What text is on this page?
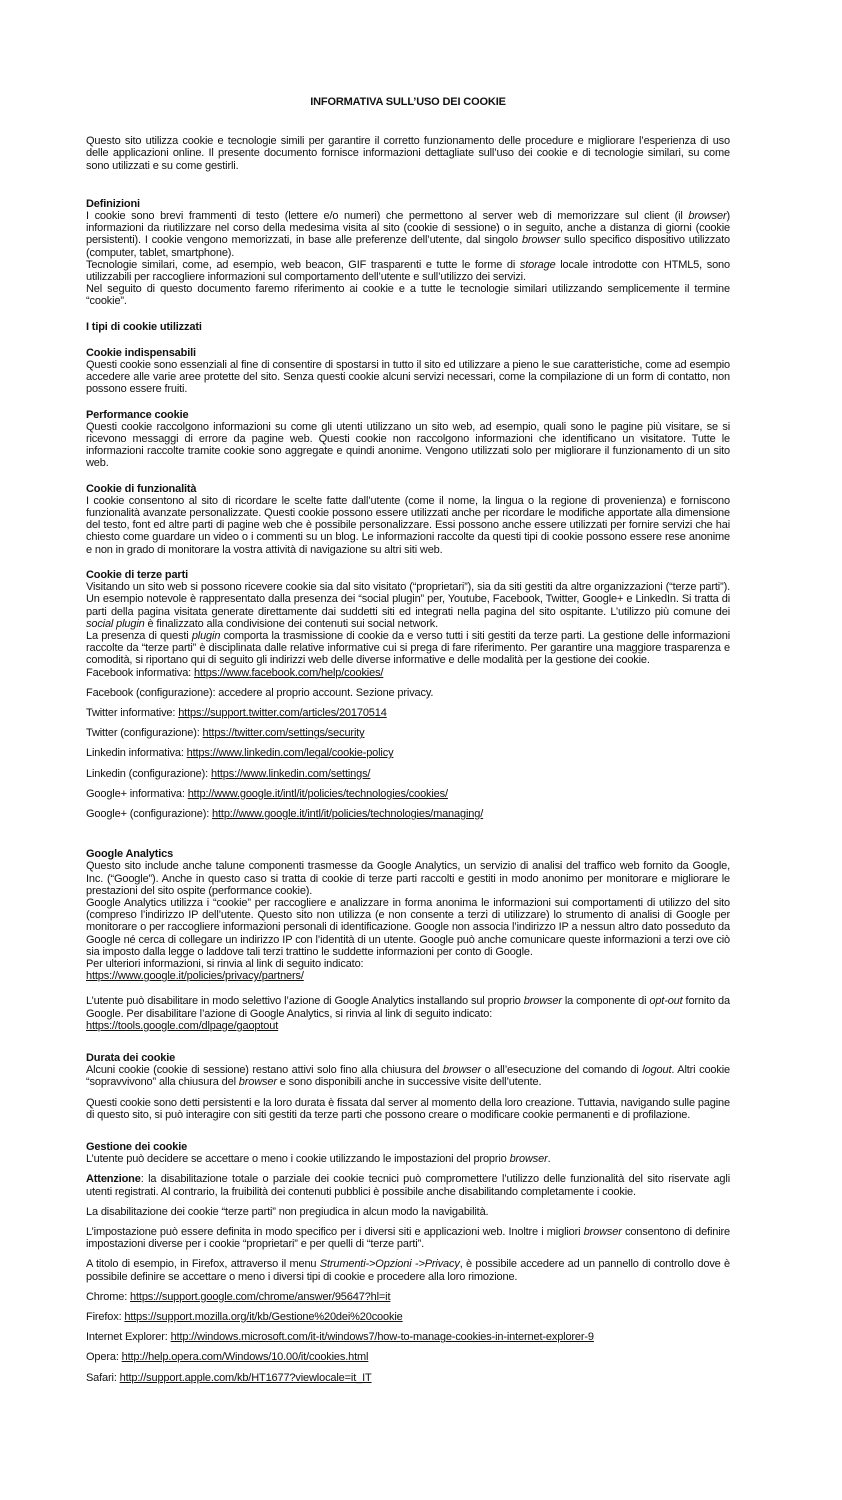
INFORMATIVA SULL’USO DEI COOKIE

Questo sito utilizza cookie e tecnologie simili per garantire il corretto funzionamento delle procedure e migliorare l’esperienza di uso delle applicazioni online. Il presente documento fornisce informazioni dettagliate sull’uso dei cookie e di tecnologie similari, su come sono utilizzati e su come gestirli.

Definizioni

I cookie sono brevi frammenti di testo (lettere e/o numeri) che permettono al server web di memorizzare sul client (il browser) informazioni da riutilizzare nel corso della medesima visita al sito (cookie di sessione) o in seguito, anche a distanza di giorni (cookie persistenti). I cookie vengono memorizzati, in base alle preferenze dell’utente, dal singolo browser sullo specifico dispositivo utilizzato (computer, tablet, smartphone).

Tecnologie similari, come, ad esempio, web beacon, GIF trasparenti e tutte le forme di storage locale introdotte con HTML5, sono utilizzabili per raccogliere informazioni sul comportamento dell’utente e sull’utilizzo dei servizi.

Nel seguito di questo documento faremo riferimento ai cookie e a tutte le tecnologie similari utilizzando semplicemente il termine “cookie”.

I tipi di cookie utilizzati
Cookie indispensabili

Questi cookie sono essenziali al fine di consentire di spostarsi in tutto il sito ed utilizzare a pieno le sue caratteristiche, come ad esempio accedere alle varie aree protette del sito. Senza questi cookie alcuni servizi necessari, come la compilazione di un form di contatto, non possono essere fruiti.

Performance cookie

Questi cookie raccolgono informazioni su come gli utenti utilizzano un sito web, ad esempio, quali sono le pagine più visitare, se si ricevono messaggi di errore da pagine web. Questi cookie non raccolgono informazioni che identificano un visitatore. Tutte le informazioni raccolte tramite cookie sono aggregate e quindi anonime. Vengono utilizzati solo per migliorare il funzionamento di un sito web.

Cookie di funzionalità

I cookie consentono al sito di ricordare le scelte fatte dall’utente (come il nome, la lingua o la regione di provenienza) e forniscono funzionalità avanzate personalizzate. Questi cookie possono essere utilizzati anche per ricordare le modifiche apportate alla dimensione del testo, font ed altre parti di pagine web che è possibile personalizzare. Essi possono anche essere utilizzati per fornire servizi che hai chiesto come guardare un video o i commenti su un blog. Le informazioni raccolte da questi tipi di cookie possono essere rese anonime e non in grado di monitorare la vostra attività di navigazione su altri siti web.

Cookie di terze parti

Visitando un sito web si possono ricevere cookie sia dal sito visitato (“proprietari”), sia da siti gestiti da altre organizzazioni (“terze parti”). Un esempio notevole è rappresentato dalla presenza dei “social plugin” per, Youtube, Facebook, Twitter, Google+ e LinkedIn. Si tratta di parti della pagina visitata generate direttamente dai suddetti siti ed integrati nella pagina del sito ospitante. L’utilizzo più comune dei social plugin è finalizzato alla condivisione dei contenuti sui social network.

La presenza di questi plugin comporta la trasmissione di cookie da e verso tutti i siti gestiti da terze parti. La gestione delle informazioni raccolte da “terze parti” è disciplinata dalle relative informative cui si prega di fare riferimento. Per garantire una maggiore trasparenza e comodità, si riportano qui di seguito gli indirizzi web delle diverse informative e delle modalità per la gestione dei cookie.

Facebook informativa: https://www.facebook.com/help/cookies/
Facebook (configurazione): accedere al proprio account. Sezione privacy.
Twitter informative: https://support.twitter.com/articles/20170514
Twitter (configurazione): https://twitter.com/settings/security
Linkedin informativa: https://www.linkedin.com/legal/cookie-policy
Linkedin (configurazione): https://www.linkedin.com/settings/
Google+ informativa: http://www.google.it/intl/it/policies/technologies/cookies/
Google+ (configurazione): http://www.google.it/intl/it/policies/technologies/managing/
Google Analytics

Questo sito include anche talune componenti trasmesse da Google Analytics, un servizio di analisi del traffico web fornito da Google, Inc. (“Google”). Anche in questo caso si tratta di cookie di terze parti raccolti e gestiti in modo anonimo per monitorare e migliorare le prestazioni del sito ospite (performance cookie).

Google Analytics utilizza i “cookie” per raccogliere e analizzare in forma anonima le informazioni sui comportamenti di utilizzo del sito (compreso l’indirizzo IP dell’utente. Questo sito non utilizza (e non consente a terzi di utilizzare) lo strumento di analisi di Google per monitorare o per raccogliere informazioni personali di identificazione. Google non associa l’indirizzo IP a nessun altro dato posseduto da Google né cerca di collegare un indirizzo IP con l’identità di un utente. Google può anche comunicare queste informazioni a terzi ove ciò sia imposto dalla legge o laddove tali terzi trattino le suddette informazioni per conto di Google.

Per ulteriori informazioni, si rinvia al link di seguito indicato:

https://www.google.it/policies/privacy/partners/

L’utente può disabilitare in modo selettivo l’azione di Google Analytics installando sul proprio browser la componente di opt-out fornito da Google. Per disabilitare l’azione di Google Analytics, si rinvia al link di seguito indicato:

https://tools.google.com/dlpage/gaoptout
Durata dei cookie

Alcuni cookie (cookie di sessione) restano attivi solo fino alla chiusura del browser o all’esecuzione del comando di logout. Altri cookie “sopravvivono” alla chiusura del browser e sono disponibili anche in successive visite dell’utente.

Questi cookie sono detti persistenti e la loro durata è fissata dal server al momento della loro creazione. Tuttavia, navigando sulle pagine di questo sito, si può interagire con siti gestiti da terze parti che possono creare o modificare cookie permanenti e di profilazione.

Gestione dei cookie

L’utente può decidere se accettare o meno i cookie utilizzando le impostazioni del proprio browser.

Attenzione: la disabilitazione totale o parziale dei cookie tecnici può compromettere l’utilizzo delle funzionalità del sito riservate agli utenti registrati. Al contrario, la fruibilità dei contenuti pubblici è possibile anche disabilitando completamente i cookie.

La disabilitazione dei cookie “terze parti” non pregiudica in alcun modo la navigabilità.

L’impostazione può essere definita in modo specifico per i diversi siti e applicazioni web. Inoltre i migliori browser consentono di definire impostazioni diverse per i cookie “proprietari” e per quelli di “terze parti”.

A titolo di esempio, in Firefox, attraverso il menu Strumenti->Opzioni ->Privacy, è possibile accedere ad un pannello di controllo dove è possibile definire se accettare o meno i diversi tipi di cookie e procedere alla loro rimozione.

Chrome: https://support.google.com/chrome/answer/95647?hl=it
Firefox: https://support.mozilla.org/it/kb/Gestione%20dei%20cookie
Internet Explorer: http://windows.microsoft.com/it-it/windows7/how-to-manage-cookies-in-internet-explorer-9
Opera: http://help.opera.com/Windows/10.00/it/cookies.html
Safari: http://support.apple.com/kb/HT1677?viewlocale=it_IT
